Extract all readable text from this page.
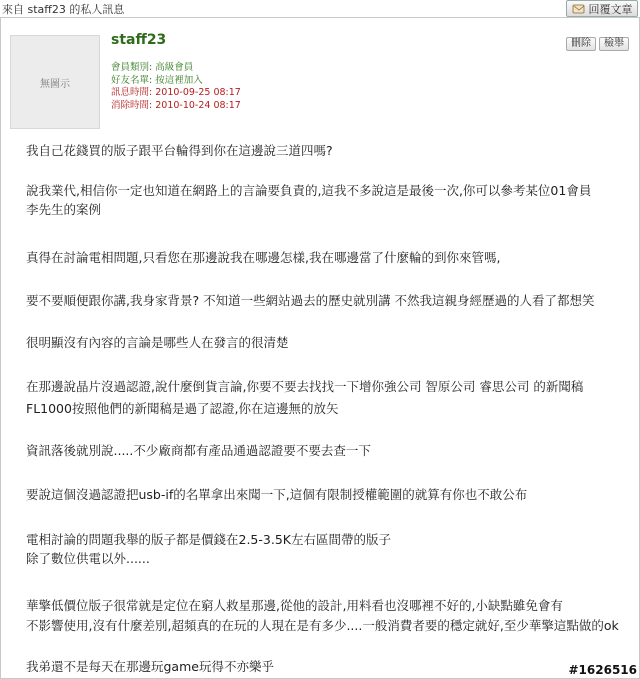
來自 staff23 的私人訊息	回覆文章
無圖示
staff23	刪除	檢舉
會員類別: 高級會員
好友名單: 按這裡加入
訊息時間: 2010-09-25 08:17
消除時間: 2010-10-24 08:17
我自己花錢買的版子跟平台輪得到你在這邊說三道四嗎?
說我業代,相信你一定也知道在網路上的言論要負責的,這我不多說這是最後一次,你可以參考某位01會員
李先生的案例
真得在討論電相問題,只看您在那邊說我在哪邊怎樣,我在哪邊當了什麼輪的到你來管嗎,
要不要順便跟你講,我身家背景? 不知道一些網站過去的歷史就別講 不然我這親身經歷過的人看了都想笑
很明顯沒有內容的言論是哪些人在發言的很清楚
在那邊說晶片沒過認證,說什麼倒貨言論,你要不要去找找一下增你強公司 智原公司 睿思公司 的新聞稿
FL1000按照他們的新聞稿是過了認證,你在這邊無的放矢
資訊落後就別說.....不少廠商都有產品通過認證要不要去查一下
要說這個沒過認證把usb-if的名單拿出來聞一下,這個有限制授權範圍的就算有你也不敢公布
電相討論的問題我舉的版子都是價錢在2.5-3.5K左右區間帶的版子
除了數位供電以外......
華擎低價位版子很常就是定位在窮人救星那邊,從他的設計,用料看也沒哪裡不好的,小缺點雖免會有
不影響使用,沒有什麼差別,超頻真的在玩的人現在是有多少....一般消費者要的穩定就好,至少華擎這點做的ok
我弟還不是每天在那邊玩game玩得不亦樂乎	#1626516
